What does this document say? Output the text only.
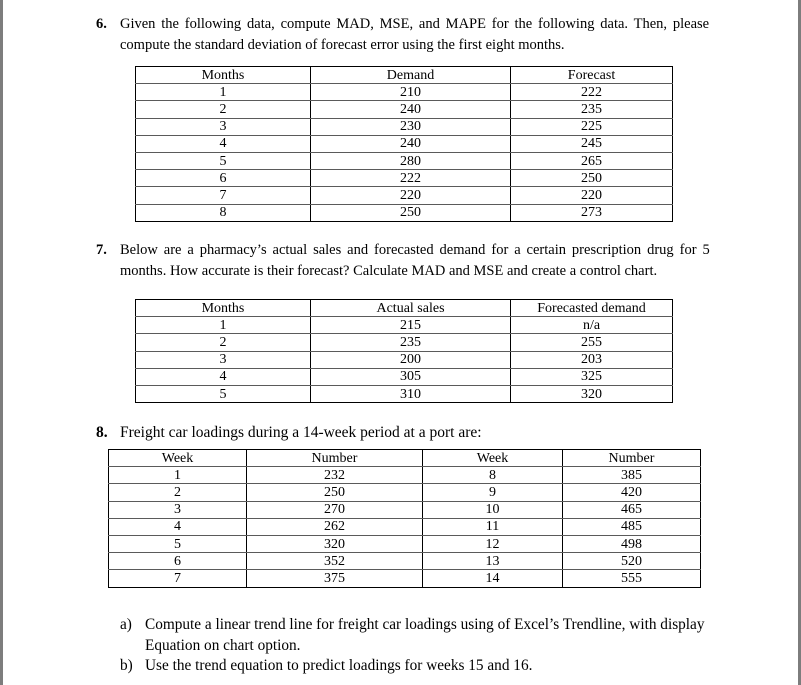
6. Given the following data, compute MAD, MSE, and MAPE for the following data. Then, please
compute the standard deviation of forecast error using the first eight months.
Months	Demand	Forecast
1	210	222
2	240	235
3	230	225
4	240	245
5	280	265
6	222	250
7	220	220
8	250	273
7. Below are a pharmacy’s actual sales and forecasted demand for a certain prescription drug for 5
months. How accurate is their forecast? Calculate MAD and MSE and create a control chart.
Months	Actual sales	Forecasted demand
1	215	n/a
2	235	255
3	200	203
4	305	325
5	310	320
8. Freight car loadings during a 14-week period at a port are:
Week	Number	Week	Number
1	232	8	385
2	250	9	420
3	270	10	465
4	262	11	485
5	320	12	498
6	352	13	520
7	375	14	555
a) Compute a linear trend line for freight car loadings using of Excel’s Trendline, with display
Equation on chart option.
b) Use the trend equation to predict loadings for weeks 15 and 16.
